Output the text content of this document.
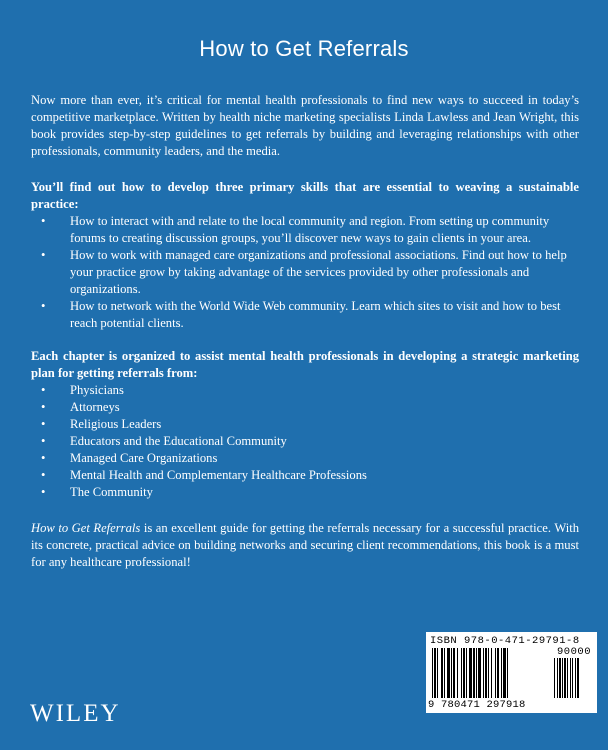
How to Get Referrals

Now more than ever, it’s critical for mental health professionals to find new ways to succeed in today’s competitive marketplace. Written by health niche marketing specialists Linda Lawless and Jean Wright, this book provides step-by-step guidelines to get referrals by building and leveraging relationships with other professionals, community leaders, and the media.

You’ll find out how to develop three primary skills that are essential to weaving a sustainable practice:

• How to interact with and relate to the local community and region. From setting up community forums to creating discussion groups, you’ll discover new ways to gain clients in your area.
• How to work with managed care organizations and professional associations. Find out how to help your practice grow by taking advantage of the services provided by other professionals and organizations.
• How to network with the World Wide Web community. Learn which sites to visit and how to best reach potential clients.

Each chapter is organized to assist mental health professionals in developing a strategic marketing plan for getting referrals from:

• Physicians
• Attorneys
• Religious Leaders
• Educators and the Educational Community
• Managed Care Organizations
• Mental Health and Complementary Healthcare Professions
• The Community

How to Get Referrals is an excellent guide for getting the referrals necessary for a successful practice. With its concrete, practical advice on building networks and securing client recommendations, this book is a must for any healthcare professional!

ISBN 978-0-471-29791-8
90000
9 780471 297918
WILEY
